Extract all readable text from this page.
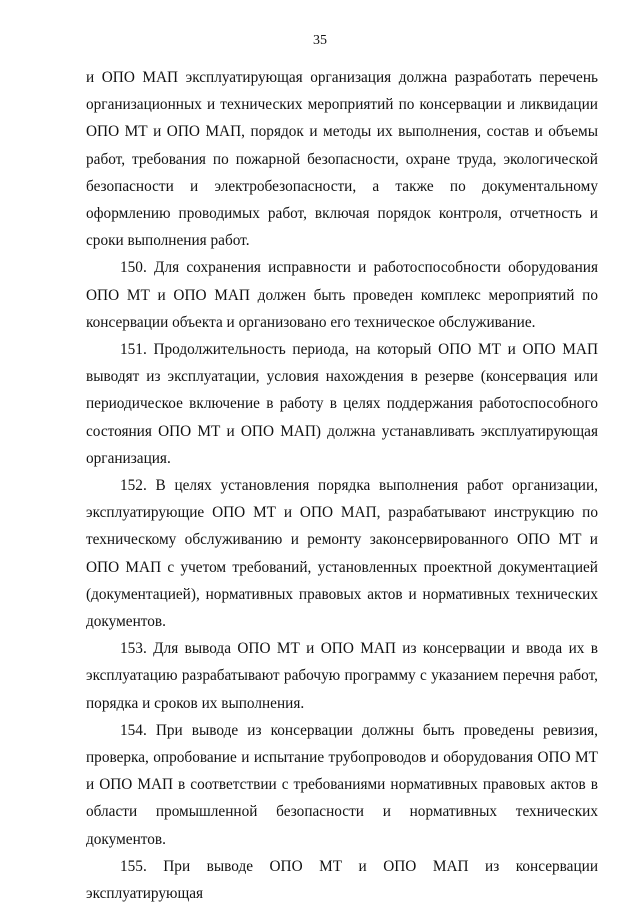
35

и ОПО МАП эксплуатирующая организация должна разработать перечень организационных и технических мероприятий по консервации и ликвидации ОПО МТ и ОПО МАП, порядок и методы их выполнения, состав и объемы работ, требования по пожарной безопасности, охране труда, экологической безопасности и электробезопасности, а также по документальному оформлению проводимых работ, включая порядок контроля, отчетность и сроки выполнения работ.

150. Для сохранения исправности и работоспособности оборудования ОПО МТ и ОПО МАП должен быть проведен комплекс мероприятий по консервации объекта и организовано его техническое обслуживание.

151. Продолжительность периода, на который ОПО МТ и ОПО МАП выводят из эксплуатации, условия нахождения в резерве (консервация или периодическое включение в работу в целях поддержания работоспособного состояния ОПО МТ и ОПО МАП) должна устанавливать эксплуатирующая организация.

152. В целях установления порядка выполнения работ организации, эксплуатирующие ОПО МТ и ОПО МАП, разрабатывают инструкцию по техническому обслуживанию и ремонту законсервированного ОПО МТ и ОПО МАП с учетом требований, установленных проектной документацией (документацией), нормативных правовых актов и нормативных технических документов.

153. Для вывода ОПО МТ и ОПО МАП из консервации и ввода их в эксплуатацию разрабатывают рабочую программу с указанием перечня работ, порядка и сроков их выполнения.

154. При выводе из консервации должны быть проведены ревизия, проверка, опробование и испытание трубопроводов и оборудования ОПО МТ и ОПО МАП в соответствии с требованиями нормативных правовых актов в области промышленной безопасности и нормативных технических документов.

155. При выводе ОПО МТ и ОПО МАП из консервации эксплуатирующая
